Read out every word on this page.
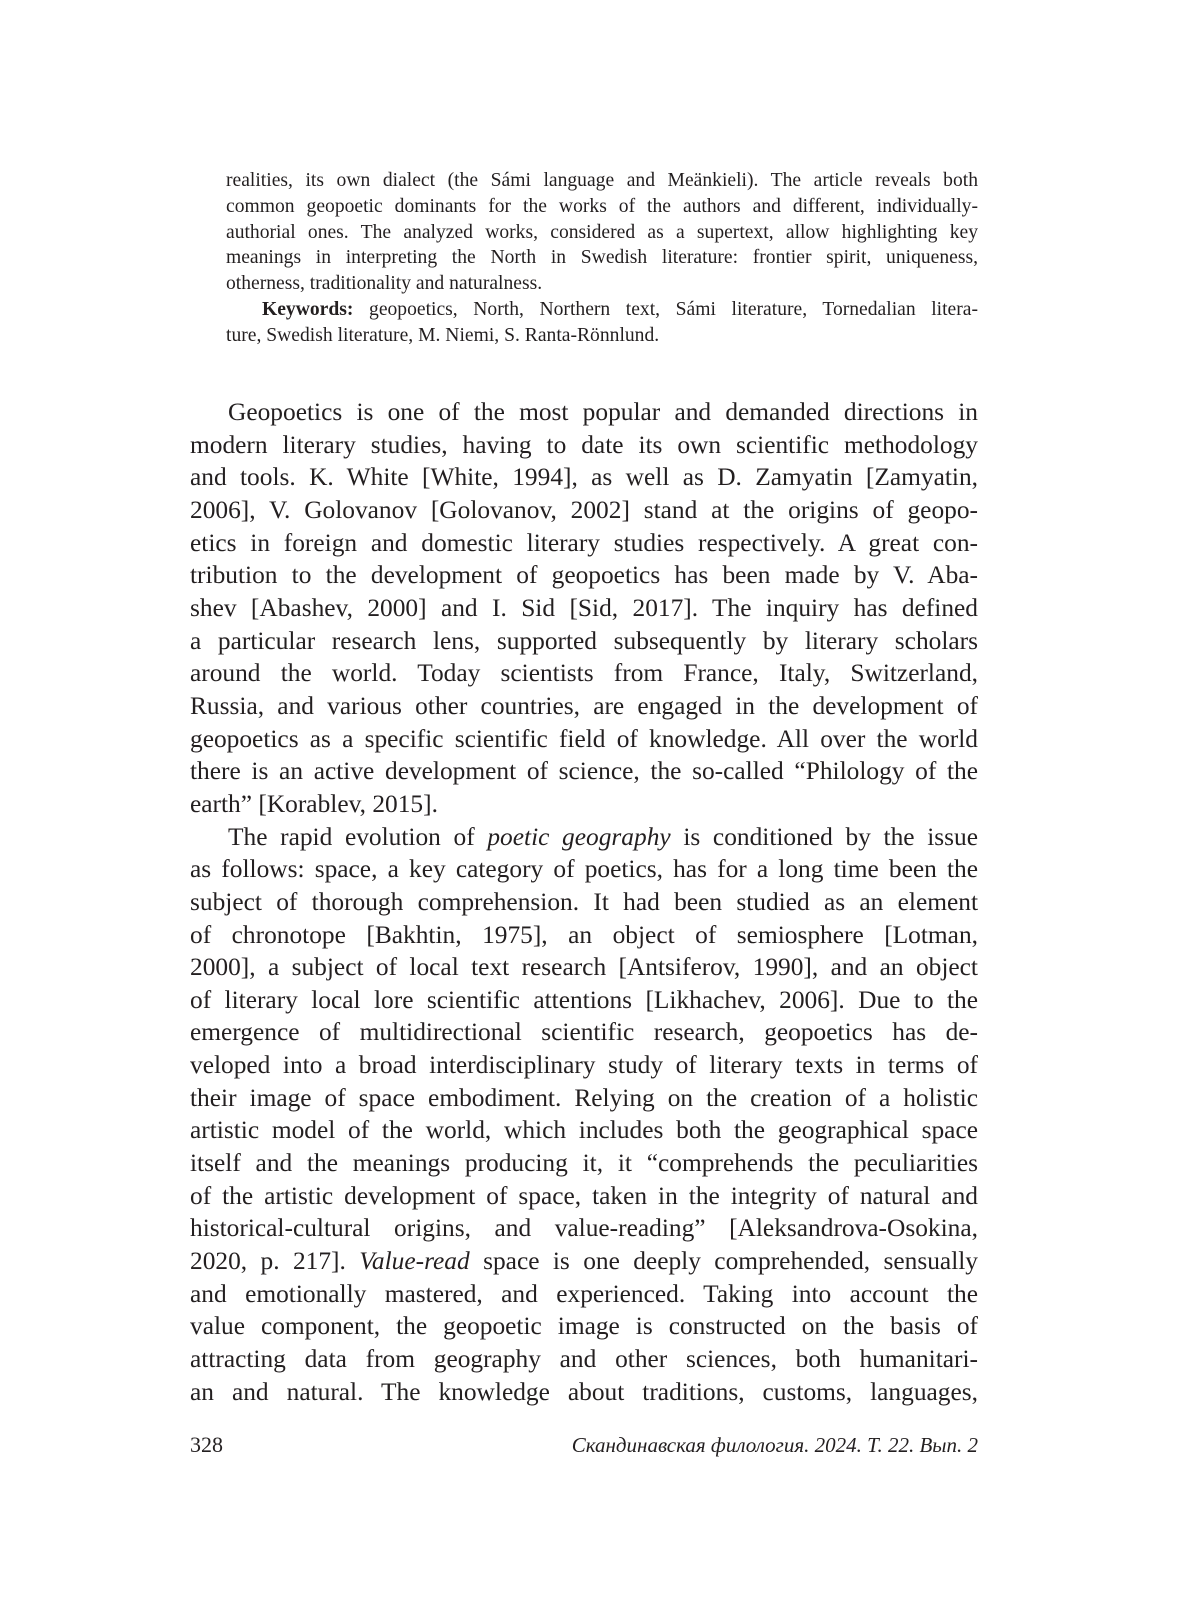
realities, its own dialect (the Sámi language and Meänkieli). The article reveals both
common geopoetic dominants for the works of the authors and different, individually-
authorial ones. The analyzed works, considered as a supertext, allow highlighting key
meanings in interpreting the North in Swedish literature: frontier spirit, uniqueness,
otherness, traditionality and naturalness.
Keywords: geopoetics, North, Northern text, Sámi literature, Tornedalian litera-
ture, Swedish literature, M. Niemi, S. Ranta-Rönnlund.
Geopoetics is one of the most popular and demanded directions in
modern literary studies, having to date its own scientific methodology
and tools. K. White [White, 1994], as well as D. Zamyatin [Zamyatin,
2006], V. Golovanov [Golovanov, 2002] stand at the origins of geopo-
etics in foreign and domestic literary studies respectively. A great con-
tribution to the development of geopoetics has been made by V. Aba-
shev [Abashev, 2000] and I. Sid [Sid, 2017]. The inquiry has defined
a particular research lens, supported subsequently by literary scholars
around the world. Today scientists from France, Italy, Switzerland,
Russia, and various other countries, are engaged in the development of
geopoetics as a specific scientific field of knowledge. All over the world
there is an active development of science, the so-called “Philology of the
earth” [Korablev, 2015].
The rapid evolution of poetic geography is conditioned by the issue
as follows: space, a key category of poetics, has for a long time been the
subject of thorough comprehension. It had been studied as an element
of chronotope [Bakhtin, 1975], an object of semiosphere [Lotman,
2000], a subject of local text research [Antsiferov, 1990], and an object
of literary local lore scientific attentions [Likhachev, 2006]. Due to the
emergence of multidirectional scientific research, geopoetics has de-
veloped into a broad interdisciplinary study of literary texts in terms of
their image of space embodiment. Relying on the creation of a holistic
artistic model of the world, which includes both the geographical space
itself and the meanings producing it, it “comprehends the peculiarities
of the artistic development of space, taken in the integrity of natural and
historical-cultural origins, and value-reading” [Aleksandrova-Osokina,
2020, p. 217]. Value-read space is one deeply comprehended, sensually
and emotionally mastered, and experienced. Taking into account the
value component, the geopoetic image is constructed on the basis of
attracting data from geography and other sciences, both humanitari-
an and natural. The knowledge about traditions, customs, languages,
328	Скандинавская филология. 2024. Т. 22. Вып. 2
